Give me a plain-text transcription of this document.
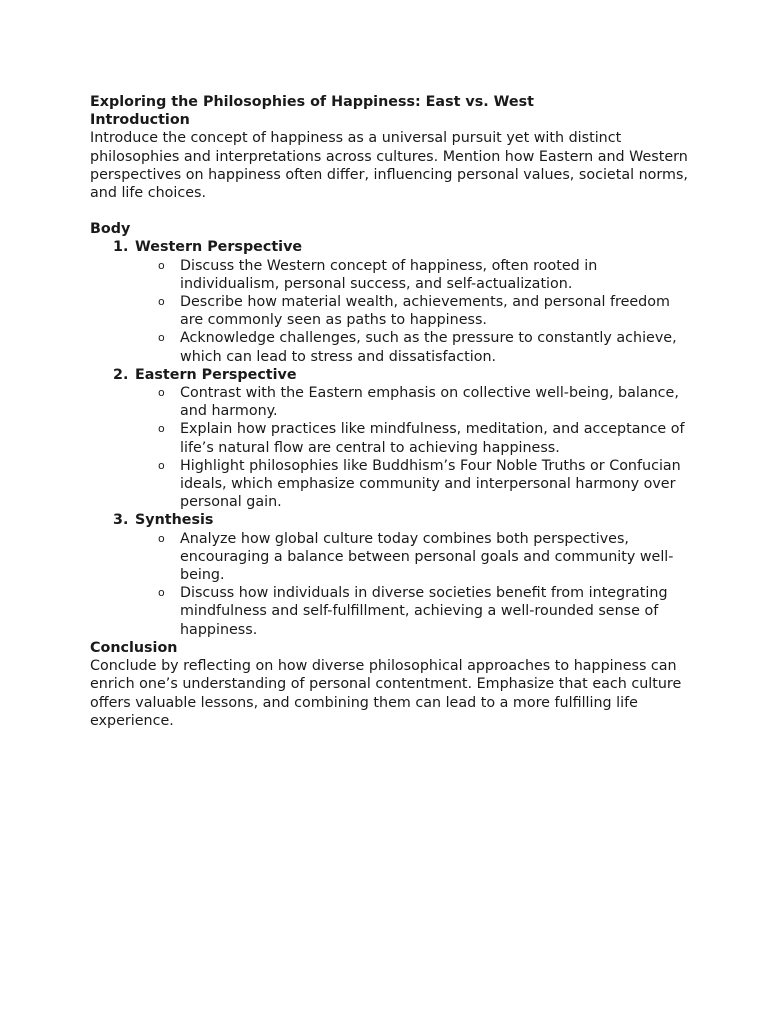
Exploring the Philosophies of Happiness: East vs. West
Introduction

Introduce the concept of happiness as a universal pursuit yet with distinct philosophies and interpretations across cultures. Mention how Eastern and Western perspectives on happiness often differ, influencing personal values, societal norms, and life choices.

Body
1. Western Perspective
o Discuss the Western concept of happiness, often rooted in individualism, personal success, and self-actualization.
o Describe how material wealth, achievements, and personal freedom are commonly seen as paths to happiness.
o Acknowledge challenges, such as the pressure to constantly achieve, which can lead to stress and dissatisfaction.
2. Eastern Perspective
o Contrast with the Eastern emphasis on collective well-being, balance, and harmony.
o Explain how practices like mindfulness, meditation, and acceptance of life’s natural flow are central to achieving happiness.
o Highlight philosophies like Buddhism’s Four Noble Truths or Confucian ideals, which emphasize community and interpersonal harmony over personal gain.
3. Synthesis
o Analyze how global culture today combines both perspectives, encouraging a balance between personal goals and community well-being.
o Discuss how individuals in diverse societies benefit from integrating mindfulness and self-fulfillment, achieving a well-rounded sense of happiness.
Conclusion

Conclude by reflecting on how diverse philosophical approaches to happiness can enrich one’s understanding of personal contentment. Emphasize that each culture offers valuable lessons, and combining them can lead to a more fulfilling life experience.
